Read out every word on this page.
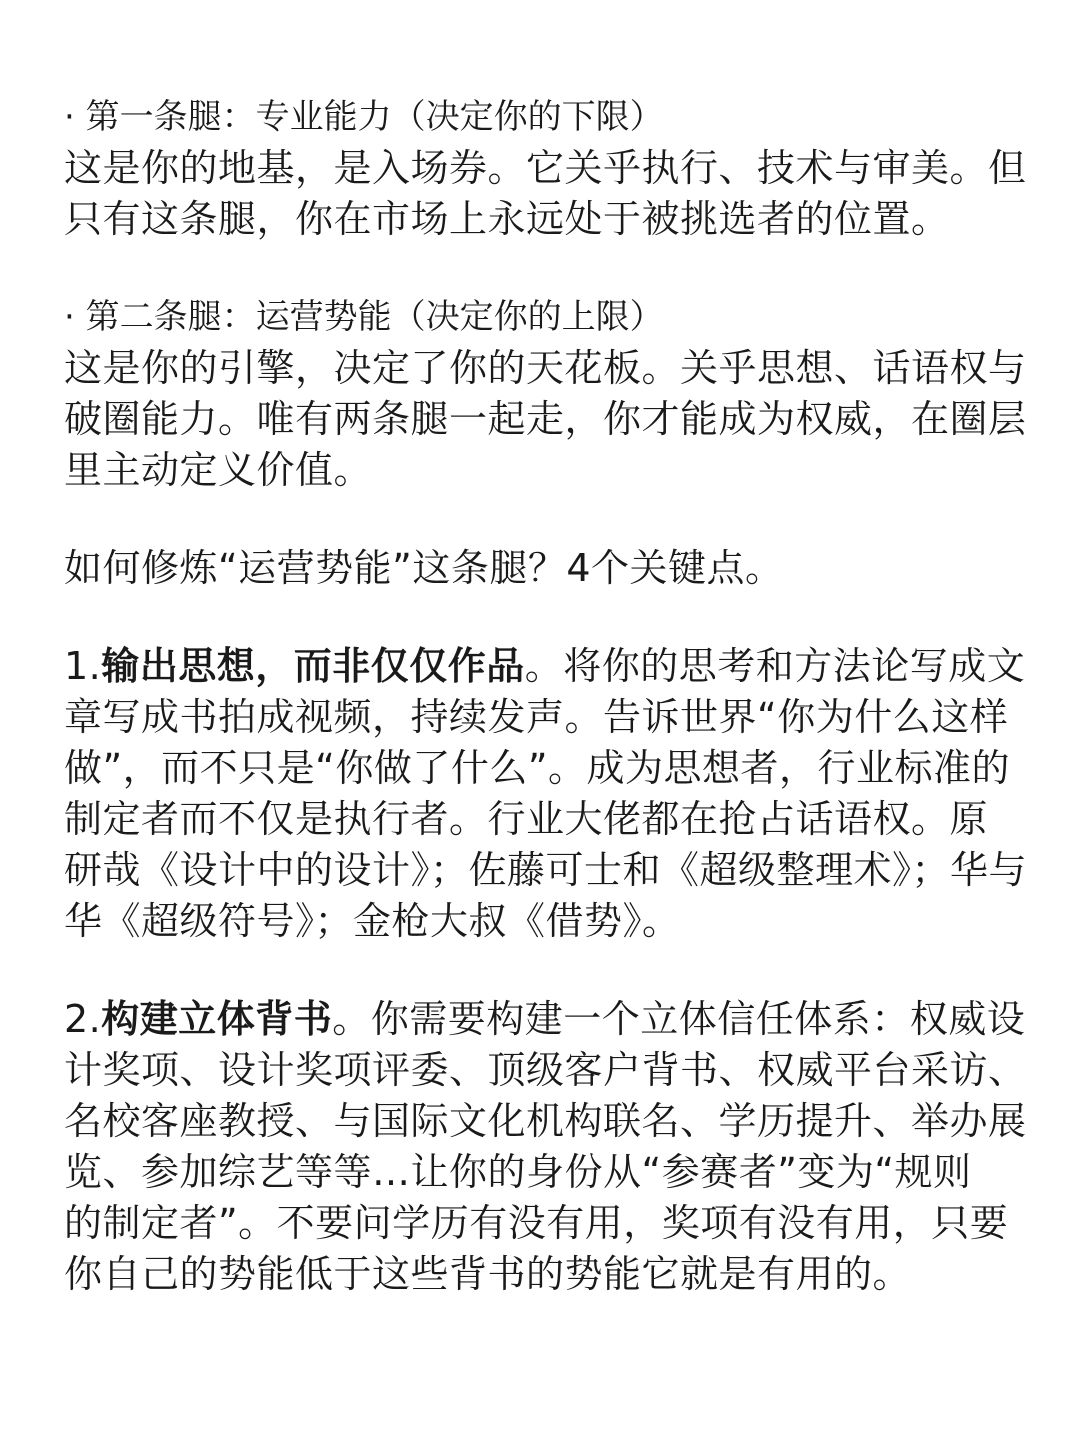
· 第一条腿：专业能力（决定你的下限）
这是你的地基，是入场券。它关乎执行、技术与审美。但
只有这条腿，你在市场上永远处于被挑选者的位置。
· 第二条腿：运营势能（决定你的上限）
这是你的引擎，决定了你的天花板。关乎思想、话语权与
破圈能力。唯有两条腿一起走，你才能成为权威，在圈层
里主动定义价值。
如何修炼“运营势能”这条腿？4个关键点。
1.输出思想，而非仅仅作品。将你的思考和方法论写成文
章写成书拍成视频，持续发声。告诉世界“你为什么这样
做”，而不只是“你做了什么”。成为思想者，行业标准的
制定者而不仅是执行者。行业大佬都在抢占话语权。原
研哉《设计中的设计》；佐藤可士和《超级整理术》；华与
华《超级符号》；金枪大叔《借势》。
2.构建立体背书。你需要构建一个立体信任体系：权威设
计奖项、设计奖项评委、顶级客户背书、权威平台采访、
名校客座教授、与国际文化机构联名、学历提升、举办展
览、参加综艺等等…让你的身份从“参赛者”变为“规则
的制定者”。不要问学历有没有用，奖项有没有用，只要
你自己的势能低于这些背书的势能它就是有用的。
